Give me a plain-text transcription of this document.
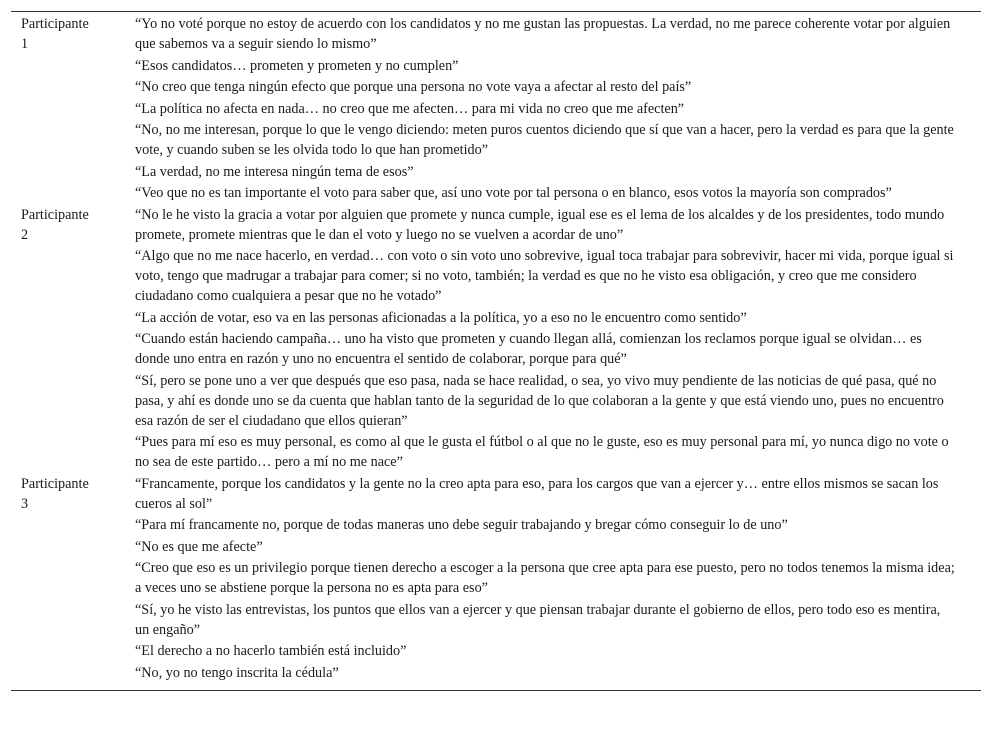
Participante
1

“Yo no voté porque no estoy de acuerdo con los candidatos y no me gustan las propuestas. La verdad, no me parece coherente votar por alguien que sabemos va a seguir siendo lo mismo”

“Esos candidatos… prometen y prometen y no cumplen”

“No creo que tenga ningún efecto que porque una persona no vote vaya a afectar al resto del país”

“La política no afecta en nada… no creo que me afecten… para mi vida no creo que me afecten”

“No, no me interesan, porque lo que le vengo diciendo: meten puros cuentos diciendo que sí que van a hacer, pero la verdad es para que la gente vote, y cuando suben se les olvida todo lo que han prometido”

“La verdad, no me interesa ningún tema de esos”

“Veo que no es tan importante el voto para saber que, así uno vote por tal persona o en blanco, esos votos la mayoría son comprados”

Participante
2

“No le he visto la gracia a votar por alguien que promete y nunca cumple, igual ese es el lema de los alcaldes y de los presidentes, todo mundo promete, promete mientras que le dan el voto y luego no se vuelven a acordar de uno”

“Algo que no me nace hacerlo, en verdad… con voto o sin voto uno sobrevive, igual toca trabajar para sobrevivir, hacer mi vida, porque igual si voto, tengo que madrugar a trabajar para comer; si no voto, también; la verdad es que no he visto esa obligación, y creo que me considero ciudadano como cualquiera a pesar que no he votado”

“La acción de votar, eso va en las personas aficionadas a la política, yo a eso no le encuentro como sentido”

“Cuando están haciendo campaña… uno ha visto que prometen y cuando llegan allá, comienzan los reclamos porque igual se olvidan… es donde uno entra en razón y uno no encuentra el sentido de colaborar, porque para qué”

“Sí, pero se pone uno a ver que después que eso pasa, nada se hace realidad, o sea, yo vivo muy pendiente de las noticias de qué pasa, qué no pasa, y ahí es donde uno se da cuenta que hablan tanto de la seguridad de lo que colaboran a la gente y que está viendo uno, pues no encuentro esa razón de ser el ciudadano que ellos quieran”

“Pues para mí eso es muy personal, es como al que le gusta el fútbol o al que no le guste, eso es muy personal para mí, yo nunca digo no vote o no sea de este partido… pero a mí no me nace”

Participante
3

“Francamente, porque los candidatos y la gente no la creo apta para eso, para los cargos que van a ejercer y… entre ellos mismos se sacan los cueros al sol”

“Para mí francamente no, porque de todas maneras uno debe seguir trabajando y bregar cómo conseguir lo de uno”

“No es que me afecte”

“Creo que eso es un privilegio porque tienen derecho a escoger a la persona que cree apta para ese puesto, pero no todos tenemos la misma idea; a veces uno se abstiene porque la persona no es apta para eso”

“Sí, yo he visto las entrevistas, los puntos que ellos van a ejercer y que piensan trabajar durante el gobierno de ellos, pero todo eso es mentira, un engaño”

“El derecho a no hacerlo también está incluido”

“No, yo no tengo inscrita la cédula”
